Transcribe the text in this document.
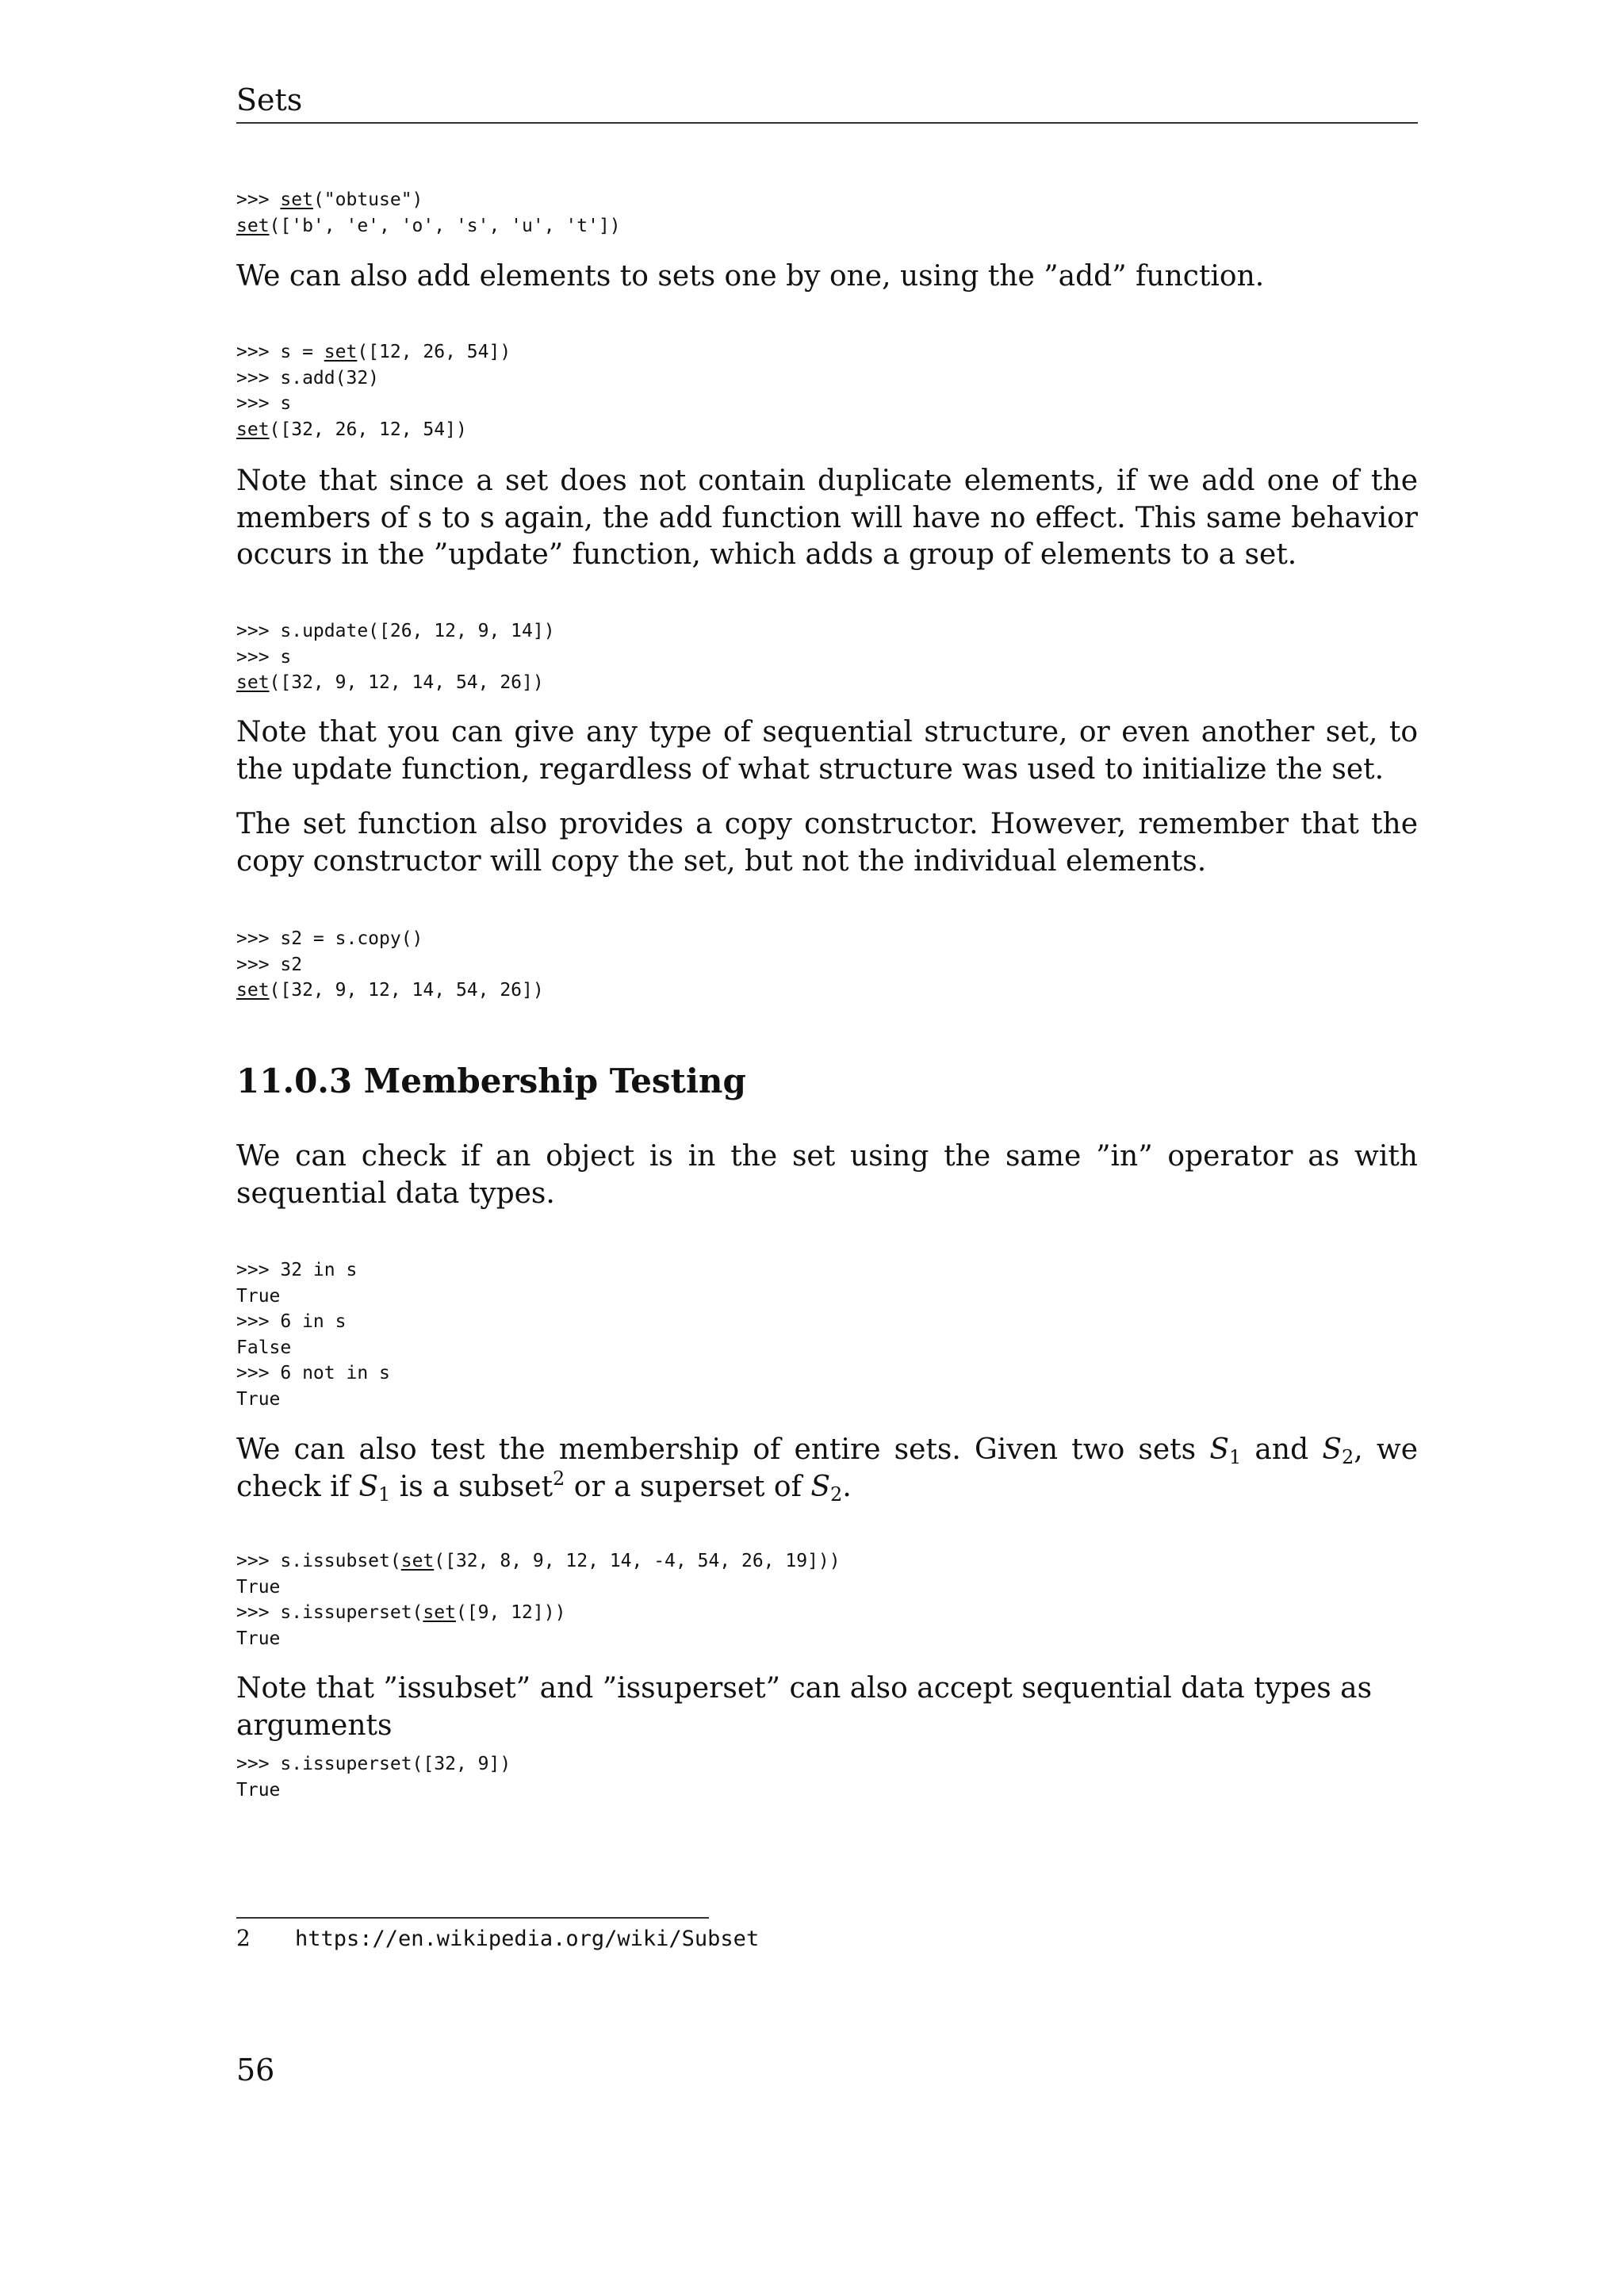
Sets
>>> set("obtuse")
set(['b', 'e', 'o', 's', 'u', 't'])

We can also add elements to sets one by one, using the ”add” function.

>>> s = set([12, 26, 54])
>>> s.add(32)
>>> s
set([32, 26, 12, 54])

Note that since a set does not contain duplicate elements, if we add one of the members of s to s again, the add function will have no effect. This same behavior occurs in the ”update” function, which adds a group of elements to a set.

>>> s.update([26, 12, 9, 14])
>>> s
set([32, 9, 12, 14, 54, 26])

Note that you can give any type of sequential structure, or even another set, to the update function, regardless of what structure was used to initialize the set.

The set function also provides a copy constructor. However, remember that the copy constructor will copy the set, but not the individual elements.

>>> s2 = s.copy()
>>> s2
set([32, 9, 12, 14, 54, 26])
11.0.3 Membership Testing

We can check if an object is in the set using the same ”in” operator as with sequential data types.

>>> 32 in s
True
>>> 6 in s
False
>>> 6 not in s
True

We can also test the membership of entire sets. Given two sets $S_1$ and $S_2$, we check if $S_1$ is a subset$^2$ or a superset of $S_2$.

>>> s.issubset(set([32, 8, 9, 12, 14, -4, 54, 26, 19]))
True
>>> s.issuperset(set([9, 12]))
True

Note that ”issubset” and ”issuperset” can also accept sequential data types as arguments

>>> s.issuperset([32, 9])
True
2 https://en.wikipedia.org/wiki/Subset
56
